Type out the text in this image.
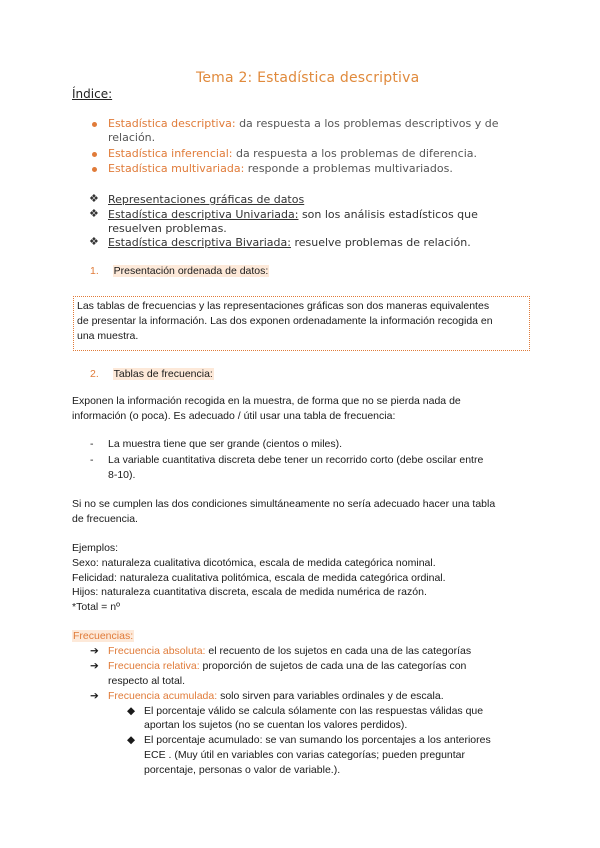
Tema 2: Estadística descriptiva
Índice:
Estadística descriptiva: da respuesta a los problemas descriptivos y de
relación.
Estadística inferencial: da respuesta a los problemas de diferencia.
Estadística multivariada: responde a problemas multivariados.
❖ Representaciones gráficas de datos
❖ Estadística descriptiva Univariada: son los análisis estadísticos que
resuelven problemas.
❖ Estadística descriptiva Bivariada: resuelve problemas de relación.
1. Presentación ordenada de datos:
Las tablas de frecuencias y las representaciones gráficas son dos maneras equivalentes
de presentar la información. Las dos exponen ordenadamente la información recogida en
una muestra.
2. Tablas de frecuencia:
Exponen la información recogida en la muestra, de forma que no se pierda nada de
información (o poca). Es adecuado / útil usar una tabla de frecuencia:
- La muestra tiene que ser grande (cientos o miles).
- La variable cuantitativa discreta debe tener un recorrido corto (debe oscilar entre
8-10).
Si no se cumplen las dos condiciones simultáneamente no sería adecuado hacer una tabla
de frecuencia.
Ejemplos:
Sexo: naturaleza cualitativa dicotómica, escala de medida categórica nominal.
Felicidad: naturaleza cualitativa politómica, escala de medida categórica ordinal.
Hijos: naturaleza cuantitativa discreta, escala de medida numérica de razón.
*Total = nº
Frecuencias:
➔ Frecuencia absoluta: el recuento de los sujetos en cada una de las categorías
➔ Frecuencia relativa: proporción de sujetos de cada una de las categorías con
respecto al total.
➔ Frecuencia acumulada: solo sirven para variables ordinales y de escala.
◆ El porcentaje válido se calcula sólamente con las respuestas válidas que
aportan los sujetos (no se cuentan los valores perdidos).
◆ El porcentaje acumulado: se van sumando los porcentajes a los anteriores
ECE . (Muy útil en variables con varias categorías; pueden preguntar
porcentaje, personas o valor de variable.).
